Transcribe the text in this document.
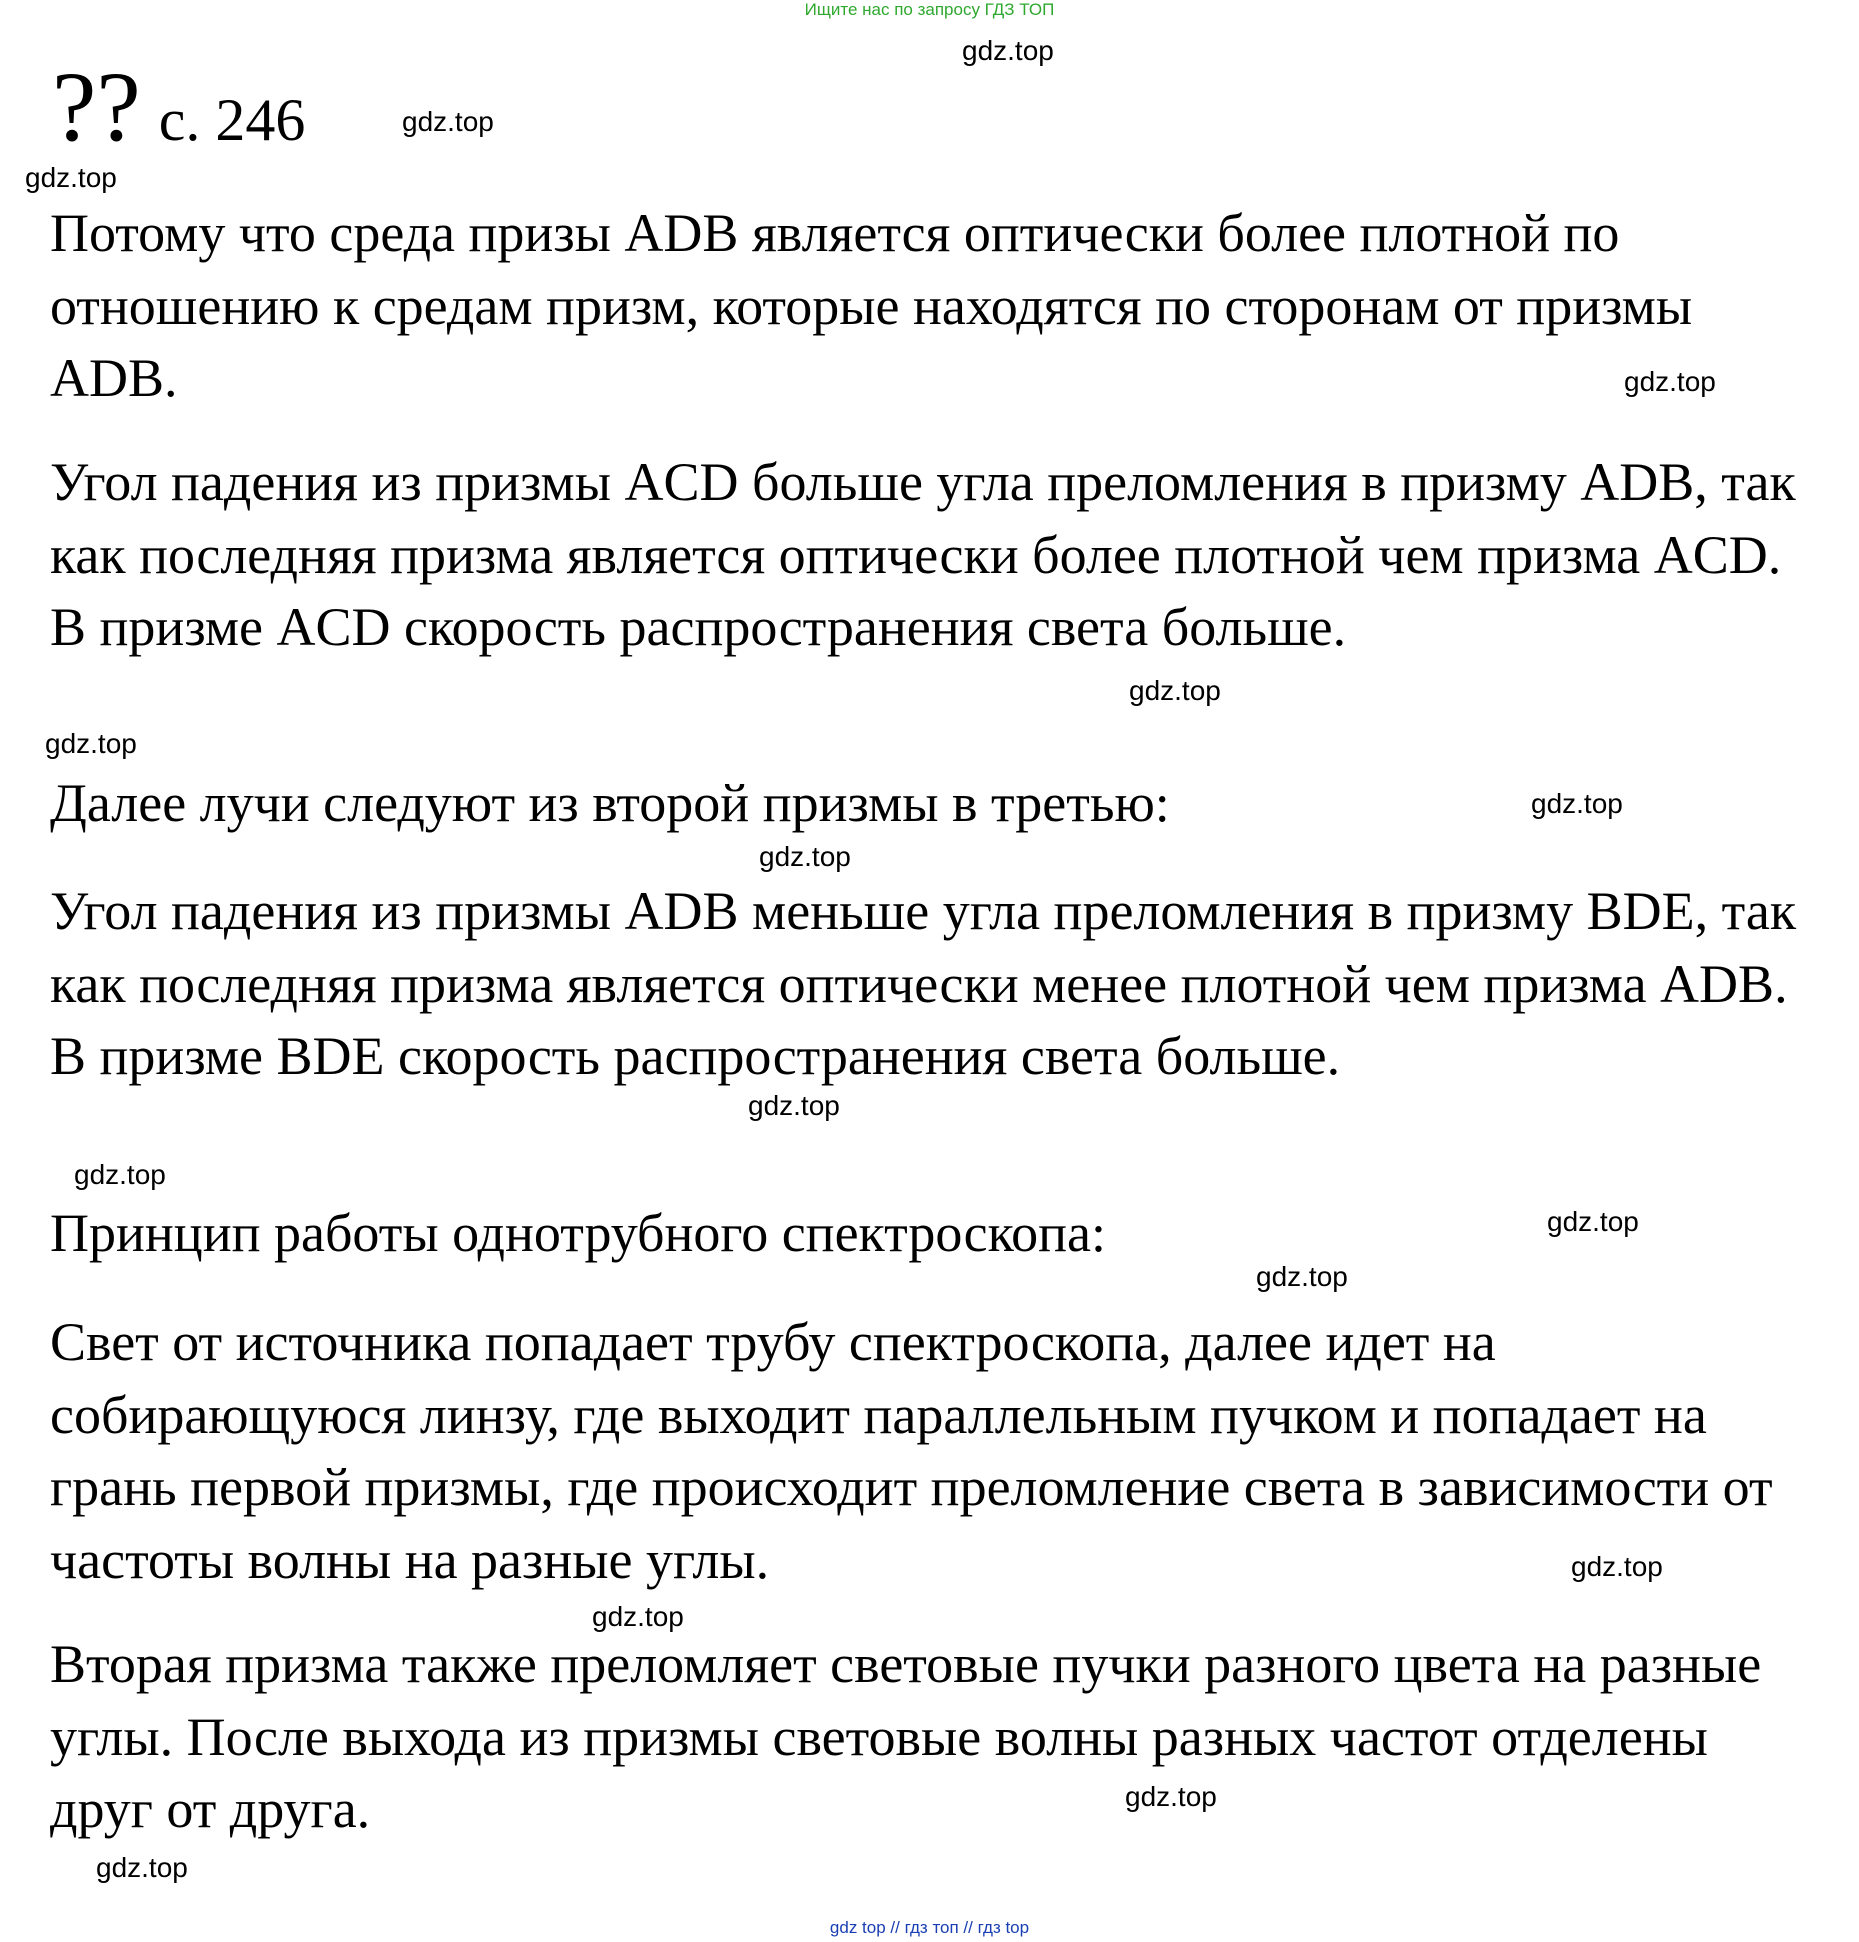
Ищите нас по запросу ГДЗ ТОП
?? с. 246

Потому что среда призы ADB является оптически более плотной по отношению к средам призм, которые находятся по сторонам от призмы ADB.

Угол падения из призмы ACD больше угла преломления в призму ADB, так как последняя призма является оптически более плотной чем призма ACD. В призме ACD скорость распространения света больше.

Далее лучи следуют из второй призмы в третью:

Угол падения из призмы ADB меньше угла преломления в призму BDE, так как последняя призма является оптически менее плотной чем призма ADB. В призме BDE скорость распространения света больше.

Принцип работы однотрубного спектроскопа:

Свет от источника попадает трубу спектроскопа, далее идет на собирающуюся линзу, где выходит параллельным пучком и попадает на грань первой призмы, где происходит преломление света в зависимости от частоты волны на разные углы.

Вторая призма также преломляет световые пучки разного цвета на разные углы. После выхода из призмы световые волны разных частот отделены друг от друга.

gdz.top
gdz.top
gdz.top
gdz.top
gdz.top
gdz.top
gdz.top
gdz.top
gdz.top
gdz.top
gdz.top
gdz.top
gdz.top
gdz.top
gdz.top
gdz.top
gdz top // гдз топ // гдз top
